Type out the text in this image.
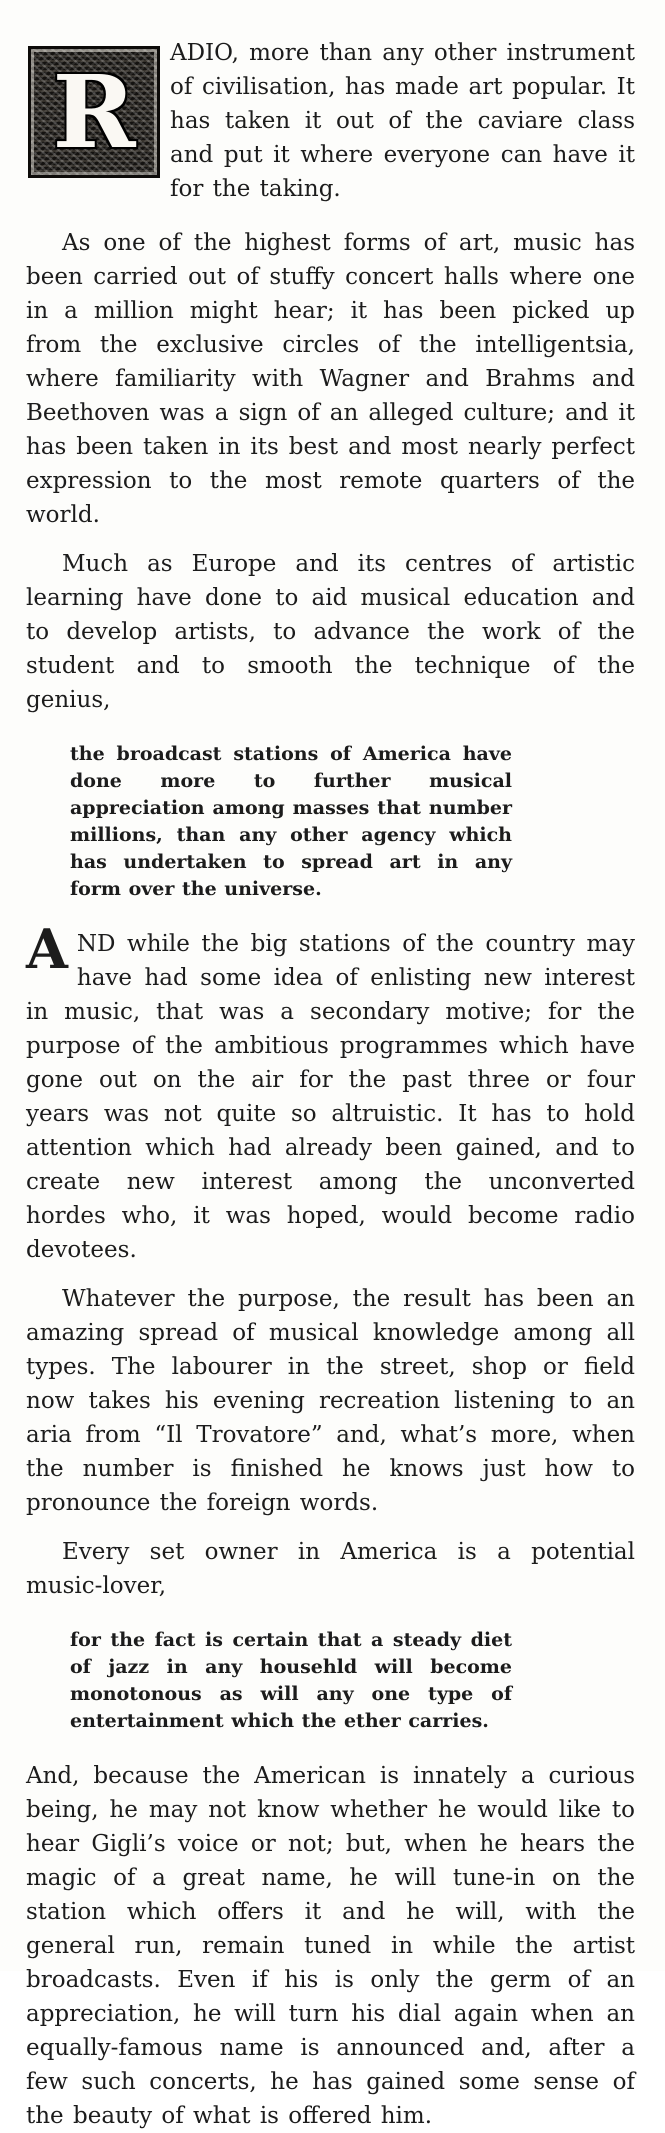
R	ADIO, more than any other instrument of civilisation, has made art popular. It has taken it out of the caviare class and put it where everyone can have it for the taking.

As one of the highest forms of art, music has been carried out of stuffy concert halls where one in a million might hear; it has been picked up from the exclusive circles of the intelligentsia, where familiarity with Wagner and Brahms and Beethoven was a sign of an alleged culture; and it has been taken in its best and most nearly perfect expression to the most remote quarters of the world.

Much as Europe and its centres of artistic learning have done to aid musical education and to develop artists, to advance the work of the student and to smooth the technique of the genius,

the broadcast stations of America have done more to further musical appreciation among masses that number millions, than any other agency which has undertaken to spread art in any form over the universe.

AND while the big stations of the country may have had some idea of enlisting new interest in music, that was a secondary motive; for the purpose of the ambitious programmes which have gone out on the air for the past three or four years was not quite so altruistic. It has to hold attention which had already been gained, and to create new interest among the unconverted hordes who, it was hoped, would become radio devotees.

Whatever the purpose, the result has been an amazing spread of musical knowledge among all types. The labourer in the street, shop or field now takes his evening recreation listening to an aria from “Il Trovatore” and, what’s more, when the number is finished he knows just how to pronounce the foreign words.

Every set owner in America is a potential music-lover,

for the fact is certain that a steady diet of jazz in any househld will become monotonous as will any one type of entertainment which the ether carries.

And, because the American is innately a curious being, he may not know whether he would like to hear Gigli’s voice or not; but, when he hears the magic of a great name, he will tune-in on the station which offers it and he will, with the general run, remain tuned in while the artist broadcasts. Even if his is only the germ of an appreciation, he will turn his dial again when an equally-famous name is announced and, after a few such concerts, he has gained some sense of the beauty of what is offered him.
